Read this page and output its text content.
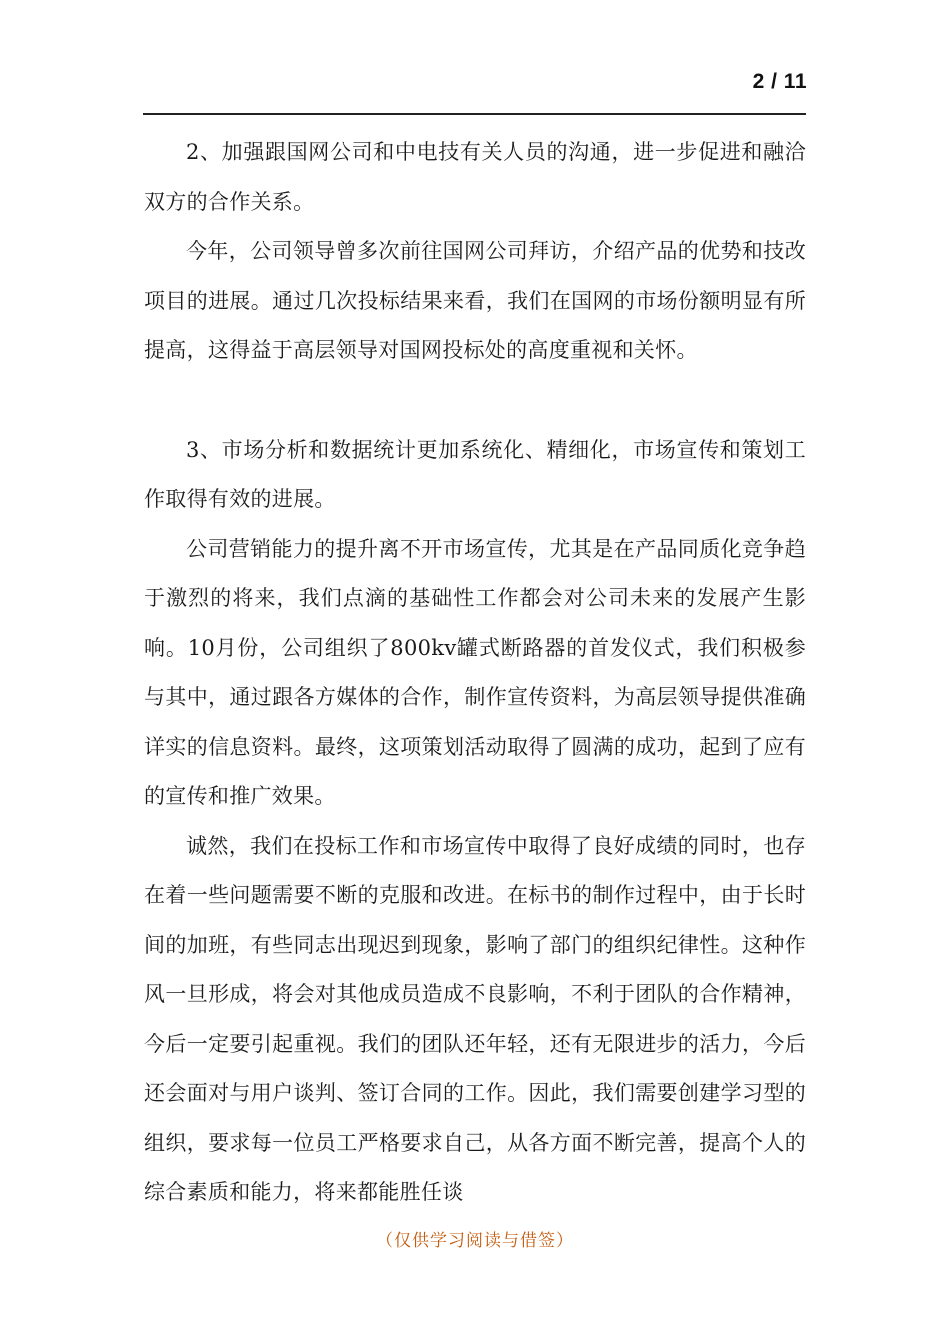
2 / 11

2、加强跟国网公司和中电技有关人员的沟通，进一步促进和融洽双方的合作关系。

今年，公司领导曾多次前往国网公司拜访，介绍产品的优势和技改项目的进展。通过几次投标结果来看，我们在国网的市场份额明显有所提高，这得益于高层领导对国网投标处的高度重视和关怀。

3、市场分析和数据统计更加系统化、精细化，市场宣传和策划工作取得有效的进展。

公司营销能力的提升离不开市场宣传，尤其是在产品同质化竞争趋于激烈的将来，我们点滴的基础性工作都会对公司未来的发展产生影响。10月份，公司组织了800kv罐式断路器的首发仪式，我们积极参与其中，通过跟各方媒体的合作，制作宣传资料，为高层领导提供准确详实的信息资料。最终，这项策划活动取得了圆满的成功，起到了应有的宣传和推广效果。

诚然，我们在投标工作和市场宣传中取得了良好成绩的同时，也存在着一些问题需要不断的克服和改进。在标书的制作过程中，由于长时间的加班，有些同志出现迟到现象，影响了部门的组织纪律性。这种作风一旦形成，将会对其他成员造成不良影响，不利于团队的合作精神，今后一定要引起重视。我们的团队还年轻，还有无限进步的活力，今后还会面对与用户谈判、签订合同的工作。因此，我们需要创建学习型的组织，要求每一位员工严格要求自己，从各方面不断完善，提高个人的综合素质和能力，将来都能胜任谈

（仅供学习阅读与借签）
